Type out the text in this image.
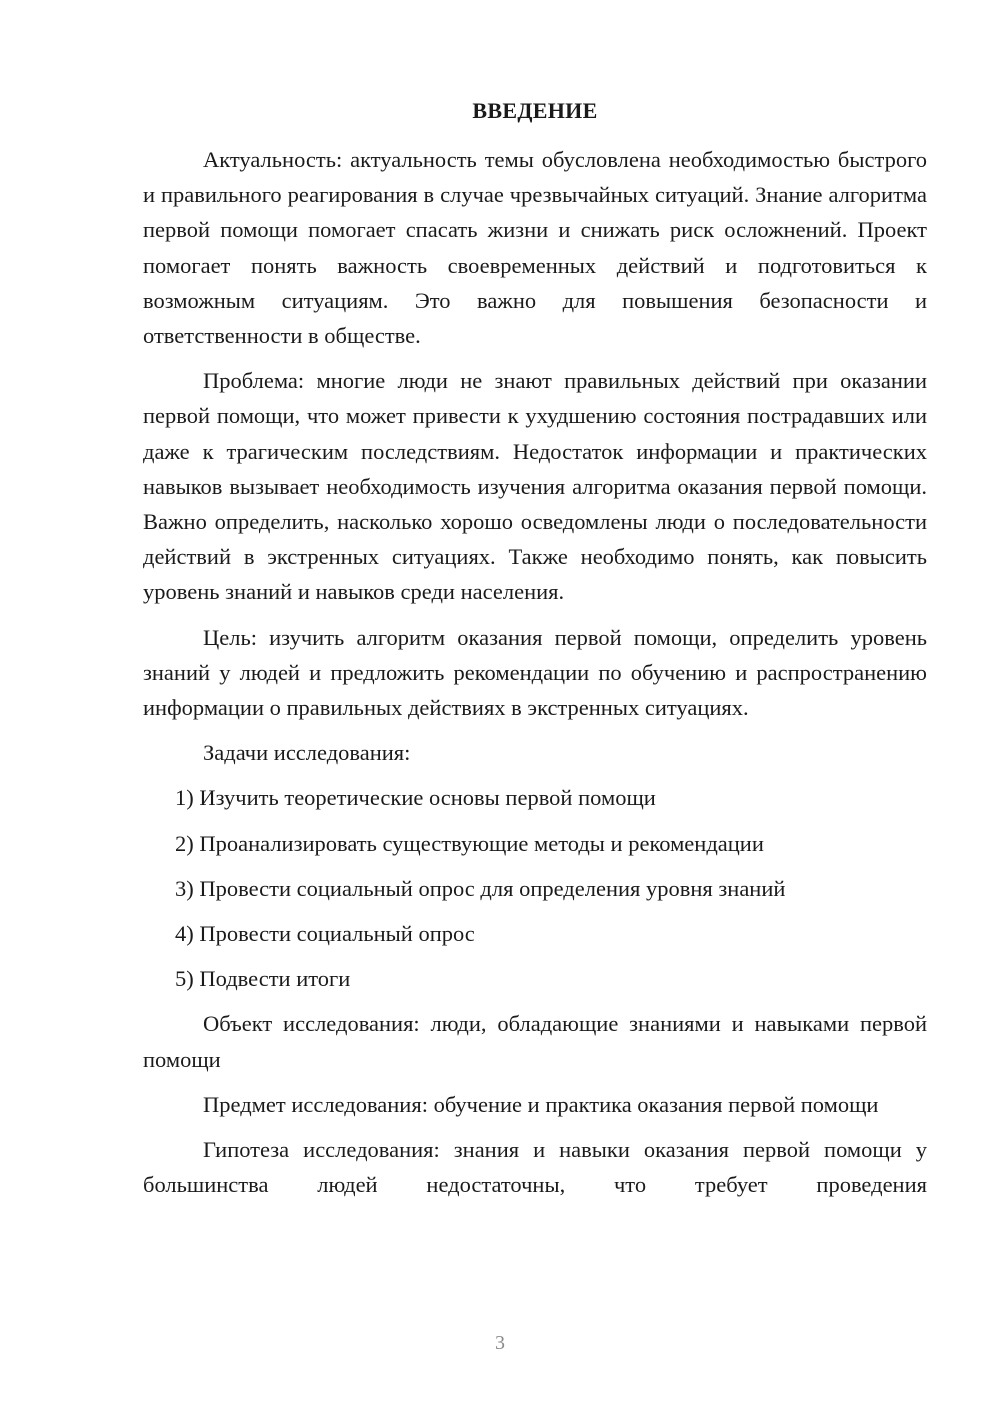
ВВЕДЕНИЕ

Актуальность: актуальность темы обусловлена необходимостью быстрого и правильного реагирования в случае чрезвычайных ситуаций. Знание алгоритма первой помощи помогает спасать жизни и снижать риск осложнений. Проект помогает понять важность своевременных действий и подготовиться к возможным ситуациям. Это важно для повышения безопасности и ответственности в обществе.

Проблема: многие люди не знают правильных действий при оказании первой помощи, что может привести к ухудшению состояния пострадавших или даже к трагическим последствиям. Недостаток информации и практических навыков вызывает необходимость изучения алгоритма оказания первой помощи. Важно определить, насколько хорошо осведомлены люди о последовательности действий в экстренных ситуациях. Также необходимо понять, как повысить уровень знаний и навыков среди населения.

Цель: изучить алгоритм оказания первой помощи, определить уровень знаний у людей и предложить рекомендации по обучению и распространению информации о правильных действиях в экстренных ситуациях.

Задачи исследования:

1) Изучить теоретические основы первой помощи
2) Проанализировать существующие методы и рекомендации
3) Провести социальный опрос для определения уровня знаний
4) Провести социальный опрос
5) Подвести итоги

Объект исследования: люди, обладающие знаниями и навыками первой помощи

Предмет исследования: обучение и практика оказания первой помощи

Гипотеза исследования: знания и навыки оказания первой помощи у большинства людей недостаточны, что требует проведения

3
